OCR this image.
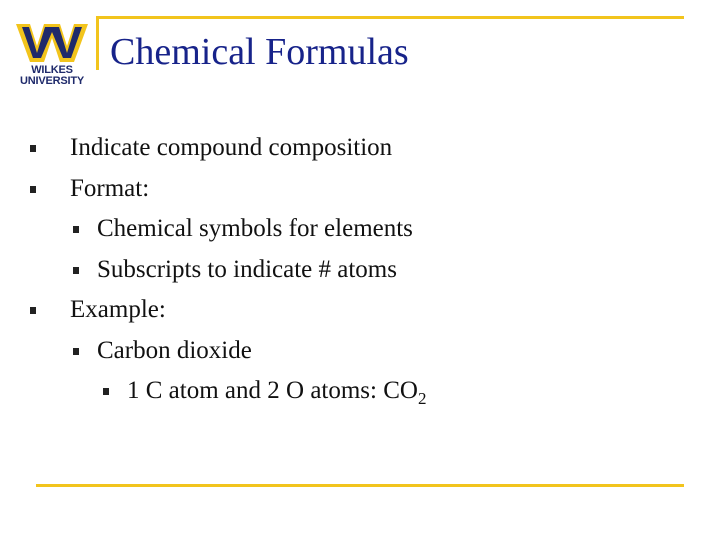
WILKES
UNIVERSITY
Chemical Formulas
Indicate compound composition
Format:
Chemical symbols for elements
Subscripts to indicate # atoms
Example:
Carbon dioxide
1 C atom and 2 O atoms: $CO_2$
